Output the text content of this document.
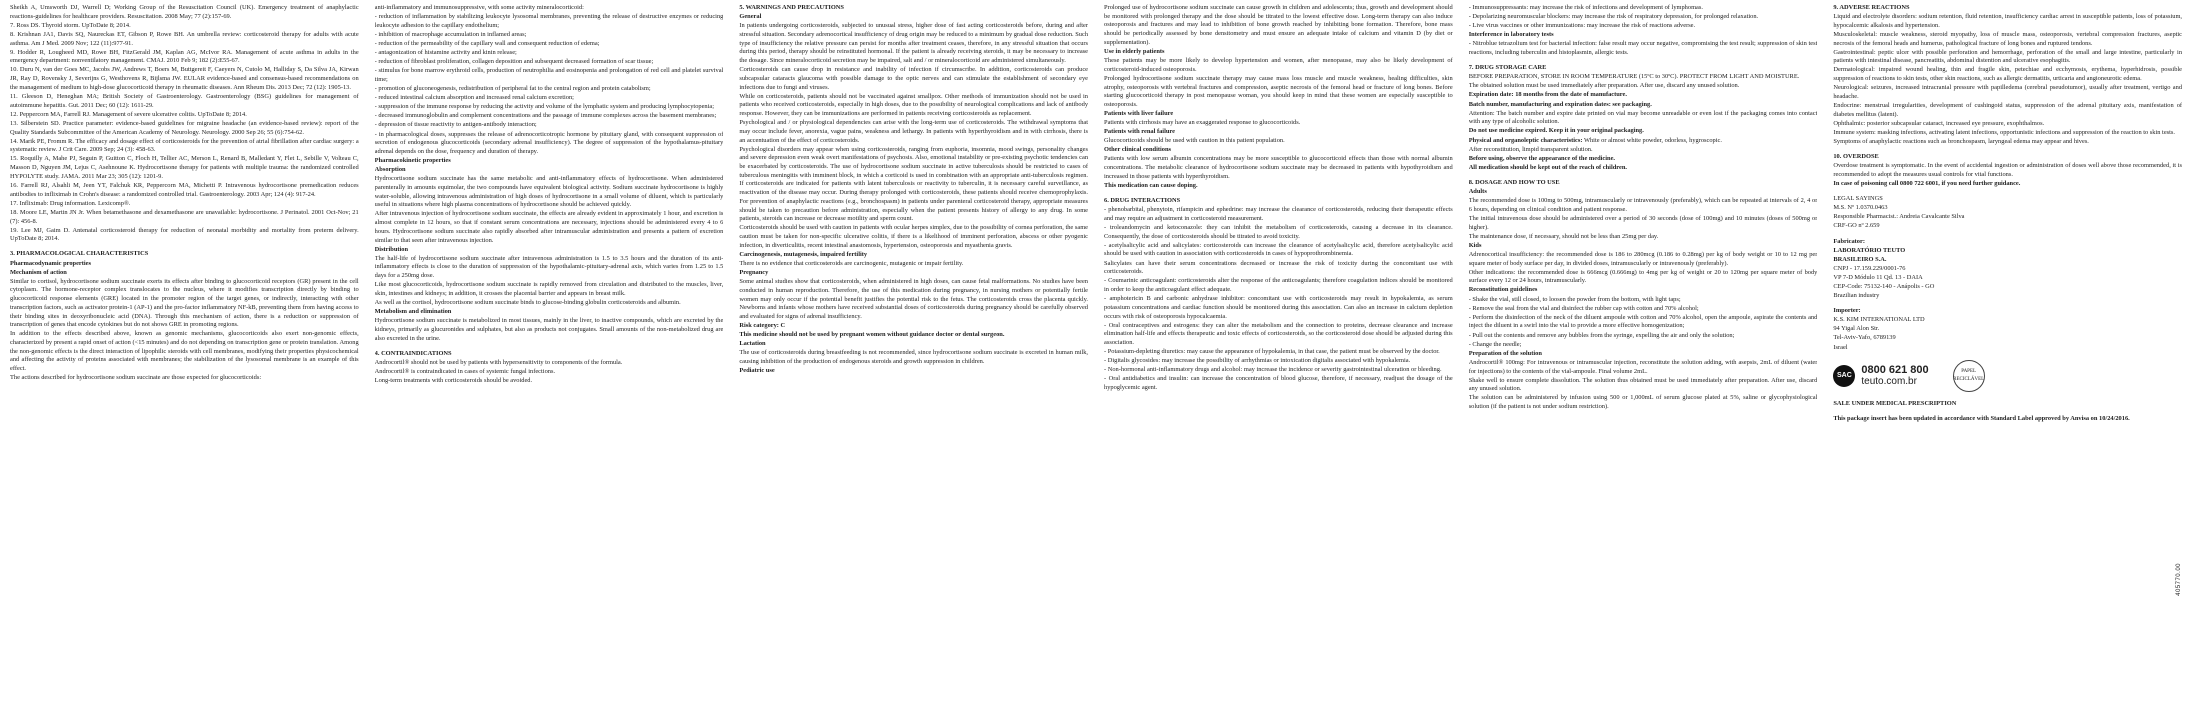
Sheikh A, Umsworth DJ, Warrell D; Working Group of the Resuscitation Council (UK). Emergency treatment of anaphylactic reactions-guidelines for healthcare providers. Resuscitation. 2008 May; 77 (2):157-69.

7. Ross DS. Thyroid storm. UpToDate 8; 2014.

8. Krishnan JA1, Davis SQ, Naureckas ET, Gibson P, Rowe BH. An umbrella review: corticosteroid therapy for adults with acute asthma. Am J Med. 2009 Nov; 122 (11):977-91.

9. Hodder R, Lougheed MD, Rowe BH, FitzGerald JM, Kaplan AG, McIvor RA. Management of acute asthma in adults in the emergency department: nonventilatory management. CMAJ. 2010 Feb 9; 182 (2):E55-67.

10. Duru N, van der Goes MC, Jacobs JW, Andrews T, Boers M, Buttgereit F, Caeyers N, Cutolo M, Halliday S, Da Silva JA, Kirwan JR, Ray D, Rovensky J, Severijns G, Westhovens R, Bijlsma JW. EULAR evidence-based and consensus-based recommendations on the management of medium to high-dose glucocorticoid therapy in rheumatic diseases. Ann Rheum Dis. 2013 Dec; 72 (12): 1905-13.

11. Gleeson D, Heneghan MA; British Society of Gastroenterology. Gastroenterology (BSG) guidelines for management of autoimmune hepatitis. Gut. 2011 Dec; 60 (12): 1611-29.

12. Peppercorn MA, Farrell RJ. Management of severe ulcerative colitis. UpToDate 8; 2014.

13. Silberstein SD. Practice parameter: evidence-based guidelines for migraine headache (an evidence-based review): report of the Quality Standards Subcommittee of the American Academy of Neurology. Neurology. 2000 Sep 26; 55 (6):754-62.

14. Marik PE, Fromm R. The efficacy and dosage effect of corticosteroids for the prevention of atrial fibrillation after cardiac surgery: a systematic review. J Crit Care. 2009 Sep; 24 (3): 458-63.

15. Roquilly A, Mahe PJ, Seguin P, Guitton C, Floch H, Tellier AC, Merson L, Renard B, Malledant Y, Flet L, Sebille V, Volteau C, Masson D, Nguyen JM, Lejus C, Asehnoune K. Hydrocortisone therapy for patients with multiple trauma: the randomized controlled HYPOLYTE study. JAMA. 2011 Mar 23; 305 (12): 1201-9.

16. Farrell RJ, Alsahli M, Jeen YT, Falchuk KR, Peppercorn MA, Michetti P. Intravenous hydrocortisone premedication reduces antibodies to infliximab in Crohn's disease: a randomized controlled trial. Gastroenterology. 2003 Apr; 124 (4): 917-24.

17. Infliximab: Drug information. Lexicomp®.

18. Moore LE, Martin JN Jr. When betamethasone and dexamethasone are unavailable: hydrocortisone. J Perinatol. 2001 Oct-Nov; 21 (7): 456-8.

19. Lee MJ, Gaim D. Antenatal corticosteroid therapy for reduction of neonatal morbidity and mortality from preterm delivery. UpToDate 8; 2014.

3. PHARMACOLOGICAL CHARACTERISTICS

Pharmacodynamic properties

Mechanism of action

Similar to cortisol, hydrocortisone sodium succinate exerts its effects after binding to glucocorticoid receptors (GR) present in the cell cytoplasm. The hormone-receptor complex translocates to the nucleus, where it modifies transcription directly by binding to glucocorticoid response elements (GRE) located in the promoter region of the target genes, or indirectly, interacting with other transcription factors, such as activator protein-1 (AP-1) and the pro-factor inflammatory NF-kB, preventing them from having access to their binding sites in deoxyribonucleic acid (DNA). Through this mechanism of action, there is a reduction or suppression of transcription of genes that encode cytokines but do not shows GRE in promoting regions.

In addition to the effects described above, known as genomic mechanisms, glucocorticoids also exert non-genomic effects, characterized by present a rapid onset of action (<15 minutes) and do not depending on transcription gene or protein translation. Among the non-genomic effects is the direct interaction of lipophilic steroids with cell membranes, modifying their properties physicochemical and affecting the activity of proteins associated with membranes; the stabilization of the lysosomal membrane is an example of this effect.

The actions described for hydrocortisone sodium succinate are those expected for glucocorticoids:

anti-inflammatory and immunosuppressive, with some activity mineralocorticoid:

- reduction of inflammation by stabilizing leukocyte lysosomal membranes, preventing the release of destructive enzymes or reducing leukocyte adhesion to the capillary endothelium;

- inhibition of macrophage accumulation in inflamed areas;

- reduction of the permeability of the capillary wall and consequent reduction of edema;

- antagonization of histamine activity and kinin release;

- reduction of fibroblast proliferation, collagen deposition and subsequent decreased formation of scar tissue;

- stimulus for bone marrow erythroid cells, production of neutrophilia and eosinopenia and prolongation of red cell and platelet survival time;

- promotion of gluconeogenesis, redistribution of peripheral fat to the central region and protein catabolism;

- reduced intestinal calcium absorption and increased renal calcium excretion;

- suppression of the immune response by reducing the activity and volume of the lymphatic system and producing lymphocytopenia;

- decreased immunoglobulin and complement concentrations and the passage of immune complexes across the basement membranes;

- depression of tissue reactivity to antigen-antibody interaction;

- in pharmacological doses, suppresses the release of adrenocorticotropic hormone by pituitary gland, with consequent suppression of secretion of endogenous glucocorticoids (secondary adrenal insufficiency). The degree of suppression of the hypothalamus-pituitary adrenal depends on the dose, frequency and duration of therapy.

Pharmacokinetic properties

Absorption

Hydrocortisone sodium succinate has the same metabolic and anti-inflammatory effects of hydrocortisone. When administered parenterally in amounts equimolar, the two compounds have equivalent biological activity. Sodium succinate hydrocortisone is highly water-soluble, allowing intravenous administration of high doses of hydrocortisone in a small volume of diluent, which is particularly useful in situations where high plasma concentrations of hydrocortisone should be achieved quickly.

After intravenous injection of hydrocortisone sodium succinate, the effects are already evident in approximately 1 hour, and excretion is almost complete in 12 hours, so that if constant serum concentrations are necessary, injections should be administered every 4 to 6 hours. Hydrocortisone sodium succinate also rapidly absorbed after intramuscular administration and presents a pattern of excretion similar to that seen after intravenous injection.

Distribution

The half-life of hydrocortisone sodium succinate after intravenous administration is 1.5 to 3.5 hours and the duration of its anti-inflammatory effects is close to the duration of suppression of the hypothalamic-pituitary-adrenal axis, which varies from 1.25 to 1.5 days for a 250mg dose.

Like most glucocorticoids, hydrocortisone sodium succinate is rapidly removed from circulation and distributed to the muscles, liver, skin, intestines and kidneys; in addition, it crosses the placental barrier and appears in breast milk.

As well as the cortisol, hydrocortisone sodium succinate binds to glucose-binding globulin corticosteroids and albumin.

Metabolism and elimination

Hydrocortisone sodium succinate is metabolized in most tissues, mainly in the liver, to inactive compounds, which are excreted by the kidneys, primarily as glucuronides and sulphates, but also as products not conjugates. Small amounts of the non-metabolized drug are also excreted in the urine.

4. CONTRAINDICATIONS

Androcortil® should not be used by patients with hypersensitivity to components of the formula.

Androcortil® is contraindicated in cases of systemic fungal infections.

Long-term treatments with corticosteroids should be avoided.

5. WARNINGS AND PRECAUTIONS

General

In patients undergoing corticosteroids, subjected to unusual stress, higher dose of fast acting corticosteroids before, during and after stressful situation. Secondary adrenocortical insufficiency of drug origin may be reduced to a minimum by gradual dose reduction. Such type of insufficiency the relative pressure can persist for months after treatment ceases, therefore, in any stressful situation that occurs during this period, therapy should be reinstituted hormonal. If the patient is already receiving steroids, it may be necessary to increase the dosage. Since mineralocorticoid secretion may be impaired, salt and / or mineralocorticoid are administered simultaneously.

Corticosteroids can cause drop in resistance and inability of infection if circumscribe. In addition, corticosteroids can produce subcapsular cataracts glaucoma with possible damage to the optic nerves and can stimulate the establishment of secondary eye infections due to fungi and viruses.

While on corticosteroids, patients should not be vaccinated against smallpox. Other methods of immunization should not be used in patients who received corticosteroids, especially in high doses, due to the possibility of neurological complications and lack of antibody response. However, they can be immunizations are performed in patients receiving corticosteroids as replacement.

Psychological and / or physiological dependencies can arise with the long-term use of corticosteroids. The withdrawal symptoms that may occur include fever, anorexia, vague pains, weakness and lethargy. In patients with hyperthyroidism and in with cirrhosis, there is an accentuation of the effect of corticosteroids.

Psychological disorders may appear when using corticosteroids, ranging from euphoria, insomnia, mood swings, personality changes and severe depression even weak overt manifestations of psychosis. Also, emotional instability or pre-existing psychotic tendencies can be exacerbated by corticosteroids. The use of hydrocortisone sodium succinate in active tuberculosis should be restricted to cases of tuberculous meningitis with imminent block, in which a corticoid is used in combination with an appropriate anti-tuberculosis regimen. If corticosteroids are indicated for patients with latent tuberculosis or reactivity to tuberculin, it is necessary careful surveillance, as reactivation of the disease may occur. During therapy prolonged with corticosteroids, these patients should receive chemoprophylaxis. For prevention of anaphylactic reactions (e.g., bronchospasm) in patients under parenteral corticosteroid therapy, appropriate measures should be taken to precaution before administration, especially when the patient presents history of allergy to any drug. In some patients, steroids can increase or decrease motility and sperm count.

Corticosteroids should be used with caution in patients with ocular herpes simplex, due to the possibility of cornea perforation, the same caution must be taken for non-specific ulcerative colitis, if there is a likelihood of imminent perforation, abscess or other pyogenic infection, in diverticulitis, recent intestinal anastomosis, hypertension, osteoporosis and myasthenia gravis.

Carcinogenesis, mutagenesis, impaired fertility

There is no evidence that corticosteroids are carcinogenic, mutagenic or impair fertility.

Pregnancy

Some animal studies show that corticosteroids, when administered in high doses, can cause fetal malformations. No studies have been conducted in human reproduction. Therefore, the use of this medication during pregnancy, in nursing mothers or potentially fertile women may only occur if the potential benefit justifies the potential risk to the fetus. The corticosteroids cross the placenta quickly. Newborns and infants whose mothers have received substantial doses of corticosteroids during pregnancy should be carefully observed and evaluated for signs of adrenal insufficiency.

Risk category: C

This medicine should not be used by pregnant women without guidance doctor or dental surgeon.

Lactation

The use of corticosteroids during breastfeeding is not recommended, since hydrocortisone sodium succinate is excreted in human milk, causing inhibition of the production of endogenous steroids and growth suppression in children.

Pediatric use

Prolonged use of hydrocortisone sodium succinate can cause growth in children and adolescents; thus, growth and development should be monitored with prolonged therapy and the dose should be titrated to the lowest effective dose. Long-term therapy can also induce osteoporosis and fractures and may lead to inhibition of bone growth reached by inhibiting bone formation. Therefore, bone mass should be periodically assessed by bone densitometry and must ensure an adequate intake of calcium and vitamin D (by diet or supplementation).

Use in elderly patients

These patients may be more likely to develop hypertension and women, after menopause, may also be likely development of corticosteroid-induced osteoporosis.

Prolonged hydrocortisone sodium succinate therapy may cause mass loss muscle and muscle weakness, healing difficulties, skin atrophy, osteoporosis with vertebral fractures and compression, aseptic necrosis of the femoral head or fracture of long bones. Before starting glucocorticoid therapy in post menopause woman, you should keep in mind that these women are especially susceptible to osteoporosis.

Patients with liver failure

Patients with cirrhosis may have an exaggerated response to glucocorticoids.

Patients with renal failure

Glucocorticoids should be used with caution in this patient population.

Other clinical conditions

Patients with low serum albumin concentrations may be more susceptible to glucocorticoid effects than those with normal albumin concentrations. The metabolic clearance of hydrocortisone sodium succinate may be decreased in patients with hypothyroidism and increased in those patients with hyperthyroidism.

This medication can cause doping.

6. DRUG INTERACTIONS

- phenobarbital, phenytoin, rifampicin and ephedrine: may increase the clearance of corticosteroids, reducing their therapeutic effects and may require an adjustment in corticosteroid measurement.

- troleandomycin and ketoconazole: they can inhibit the metabolism of corticosteroids, causing a decrease in its clearance. Consequently, the dose of corticosteroids should be titrated to avoid toxicity.

- acetylsalicylic acid and salicylates: corticosteroids can increase the clearance of acetylsalicylic acid, therefore acetylsalicylic acid should be used with caution in association with corticosteroids in cases of hypoprothrombinemia.

Salicylates can have their serum concentrations decreased or increase the risk of toxicity during the concomitant use with corticosteroids.

- Coumarinic anticoagulant: corticosteroids alter the response of the anticoagulants; therefore coagulation indices should be monitored in order to keep the anticoagulant effect adequate.

- amphotericin B and carbonic anhydrase inhibitor: concomitant use with corticosteroids may result in hypokalemia, as serum potassium concentrations and cardiac function should be monitored during this association. Can also an increase in calcium depletion occurs with risk of osteoporosis hypocalcaemia.

- Oral contraceptives and estrogens: they can alter the metabolism and the connection to proteins, decrease clearance and increase elimination half-life and effects therapeutic and toxic effects of corticosteroids, so the corticosteroid dose should be adjusted during this association.

- Potassium-depleting diuretics: may cause the appearance of hypokalemia, in that case, the patient must be observed by the doctor.

- Digitalis glycosides: may increase the possibility of arrhythmias or intoxication digitalis associated with hypokalemia.

- Non-hormonal anti-inflammatory drugs and alcohol: may increase the incidence or severity gastrointestinal ulceration or bleeding.

- Oral antidiabetics and insulin: can increase the concentration of blood glucose, therefore, if necessary, readjust the dosage of the hypoglycemic agent.

- Immunosuppressants: may increase the risk of infections and development of lymphomas.

- Depolarizing neuromuscular blockers: may increase the risk of respiratory depression, for prolonged relaxation.

- Live virus vaccines or other immunizations: may increase the risk of reactions adverse.

Interference in laboratory tests

- Nitroblue tetrazolium test for bacterial infection: false result may occur negative, compromising the test result; suppression of skin test reactions, including tuberculin and histoplasmin, allergic tests.

7. DRUG STORAGE CARE

BEFORE PREPARATION, STORE IN ROOM TEMPERATURE (15ºC to 30ºC). PROTECT FROM LIGHT AND MOISTURE.

The obtained solution must be used immediately after preparation. After use, discard any unused solution.

Expiration date: 18 months from the date of manufacture.

Batch number, manufacturing and expiration dates: see packaging.

Attention: The batch number and expire date printed on vial may become unreadable or even lost if the packaging comes into contact with any type of alcoholic solution.

Do not use medicine expired. Keep it in your original packaging.

Physical and organoleptic characteristics: White or almost white powder, odorless, hygroscopic.

After reconstitution, limpid transparent solution.

Before using, observe the appearance of the medicine.

All medication should be kept out of the reach of children.

8. DOSAGE AND HOW TO USE

Adults

The recommended dose is 100mg to 500mg, intramuscularly or intravenously (preferably), which can be repeated at intervals of 2, 4 or 6 hours, depending on clinical condition and patient response.

The initial intravenous dose should be administered over a period of 30 seconds (dose of 100mg) and 10 minutes (doses of 500mg or higher).

The maintenance dose, if necessary, should not be less than 25mg per day.

Kids

Adrenocortical insufficiency: the recommended dose is 186 to 280mcg (0.186 to 0.28mg) per kg of body weight or 10 to 12 mg per square meter of body surface per day, in divided doses, intramuscularly or intravenously (preferably).

Other indications: the recommended dose is 666mcg (0.666mg) to 4mg per kg of weight or 20 to 120mg per square meter of body surface every 12 or 24 hours, intramuscularly.

Reconstitution guidelines

- Shake the vial, still closed, to loosen the powder from the bottom, with light taps;

- Remove the seal from the vial and disinfect the rubber cap with cotton and 70% alcohol;

- Perform the disinfection of the neck of the diluent ampoule with cotton and 70% alcohol, open the ampoule, aspirate the contents and inject the diluent in a swirl into the vial to provide a more effective homogenization;

- Pull out the contents and remove any bubbles from the syringe, expelling the air and only the solution;

- Change the needle;

Preparation of the solution

Androcortil® 100mg: For intravenous or intramuscular injection, reconstitute the solution adding, with asepsis, 2mL of diluent (water for injections) to the contents of the vial-ampoule. Final volume 2mL.

Shake well to ensure complete dissolution. The solution thus obtained must be used immediately after preparation. After use, discard any unused solution.

The solution can be administered by infusion using 500 or 1,000mL of serum glucose plated at 5%, saline or glycophysiological solution (if the patient is not under sodium restriction).

9. ADVERSE REACTIONS

Liquid and electrolyte disorders: sodium retention, fluid retention, insufficiency cardiac arrest in susceptible patients, loss of potassium, hypocalcemic alkalosis and hypertension.

Musculoskeletal: muscle weakness, steroid myopathy, loss of muscle mass, osteoporosis, vertebral compression fractures, aseptic necrosis of the femoral heads and humerus, pathological fracture of long bones and ruptured tendons.

Gastrointestinal: peptic ulcer with possible perforation and hemorrhage, perforation of the small and large intestine, particularly in patients with intestinal disease, pancreatitis, abdominal distention and ulcerative esophagitis.

Dermatological: impaired wound healing, thin and fragile skin, petechiae and ecchymosis, erythema, hyperhidrosis, possible suppression of reactions to skin tests, other skin reactions, such as allergic dermatitis, urticaria and angioneurotic edema.

Neurological: seizures, increased intracranial pressure with papilledema (cerebral pseudotumor), usually after treatment, vertigo and headache.

Endocrine: menstrual irregularities, development of cushingoid status, suppression of the adrenal pituitary axis, manifestation of diabetes mellitus (latent).

Ophthalmic: posterior subcapsular cataract, increased eye pressure, exophthalmos.

Immune system: masking infections, activating latent infections, opportunistic infections and suppression of the reaction to skin tests.

Symptoms of anaphylactic reactions such as bronchospasm, laryngeal edema may appear and hives.

10. OVERDOSE

Overdose treatment is symptomatic. In the event of accidental ingestion or administration of doses well above those recommended, it is recommended to adopt the measures usual controls for vital functions.

In case of poisoning call 0800 722 6001, if you need further guidance.

LEGAL SAYINGS

M.S. Nº 1.0370.0463

Responsible Pharmacist.: Andreia Cavalcante Silva

CRF-GO nº 2.659

Fabricator:

LABORATÓRIO TEUTO

BRASILEIRO S.A.

CNPJ - 17.159.229/0001-76

VP 7-D Módulo 11 Qd. 13 - DAIA

CEP-Code: 75132-140 - Anápolis - GO

Brazilian industry

Importer:

K.S. KIM INTERNATIONAL LTD

94 Yigal Alon Str.

Tel-Aviv-Yafo, 6789139

Israel

SAC 0800 621 800
teuto.com.br
PAPEL RECICLÁVEL

SALE UNDER MEDICAL PRESCRIPTION

This package insert has been updated in accordance with Standard Label approved by Anvisa on 10/24/2016.

405770.00
